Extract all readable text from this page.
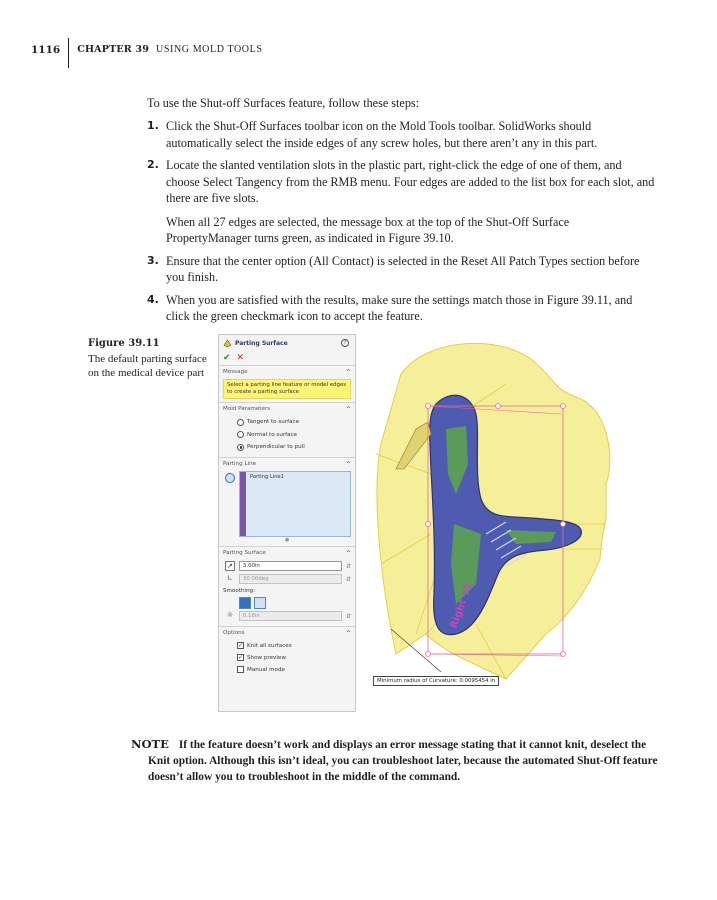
1116 CHAPTER 39 USING MOLD TOOLS

To use the Shut-off Surfaces feature, follow these steps:

1. Click the Shut-Off Surfaces toolbar icon on the Mold Tools toolbar. SolidWorks should automatically select the inside edges of any screw holes, but there aren’t any in this part.
2. Locate the slanted ventilation slots in the plastic part, right-click the edge of one of them, and choose Select Tangency from the RMB menu. Four edges are added to the list box for each slot, and there are five slots.

When all 27 edges are selected, the message box at the top of the Shut-Off Surface PropertyManager turns green, as indicated in Figure 39.10.

3. Ensure that the center option (All Contact) is selected in the Reset All Patch Types section before you finish.
4. When you are satisfied with the results, make sure the settings match those in Figure 39.11, and click the green checkmark icon to accept the feature.
Figure 39.11
The default parting surface on the medical device part
Parting Surface	?
✔ ✕
Message	^
Select a parting line feature or model edges to create a parting surface
Mold Parameters	^
Tangent to surface
Normal to surface
Perpendicular to pull
Parting Line	^
Parting Line1
●
Parting Surface	^
↗	3.00in	⇵
∟	30.00deg	⇵
Smoothing:
☼	0.16in	⇵
Options	^
✓ Knit all surfaces
✓ Show preview
Manual mode
Right Y2
Minimum radius of Curvature: 0.0095454 in
NOTE If the feature doesn’t work and displays an error message stating that it cannot knit, deselect the Knit option. Although this isn’t ideal, you can troubleshoot later, because the automated Shut-Off feature doesn’t allow you to troubleshoot in the middle of the command.
